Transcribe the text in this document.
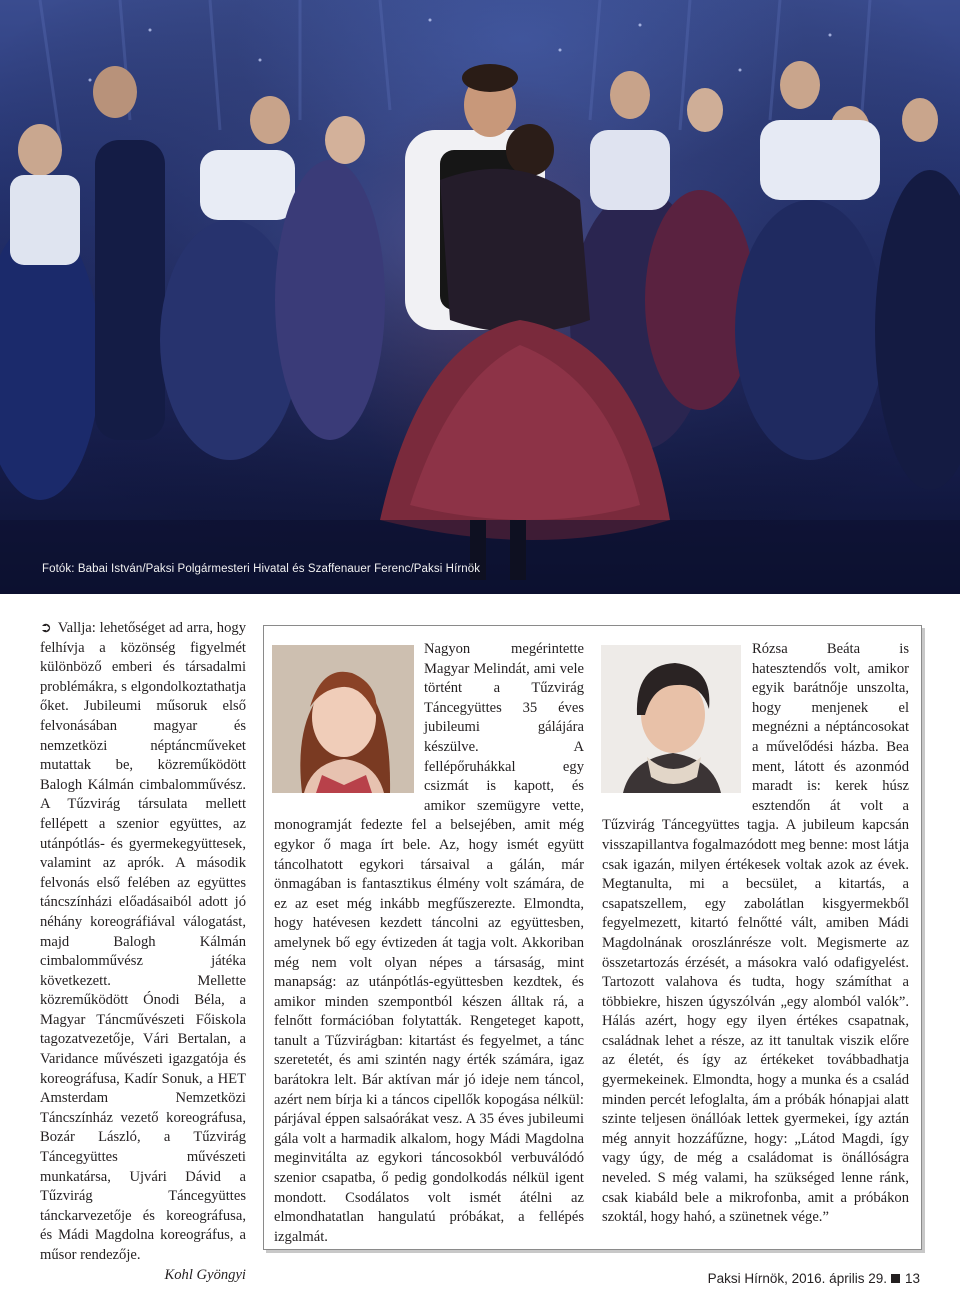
Fotók: Babai István/Paksi Polgármesteri Hivatal és Szaffenauer Ferenc/Paksi Hírnök
➲ Vallja: lehetőséget ad arra, hogy felhívja a közönség figyelmét különböző emberi és társadalmi problémákra, s elgondolkoztathatja őket. Jubileumi műsoruk első felvonásában magyar és nemzetközi néptáncműveket mutattak be, közreműködött Balogh Kálmán cimbalomművész. A Tűzvirág társulata mellett fellépett a szenior együttes, az utánpótlás- és gyermekegyüttesek, valamint az aprók. A második felvonás első felében az együttes táncszínházi előadásaiból adott jó néhány koreográfiával válogatást, majd Balogh Kálmán cimbalomművész játéka következett. Mellette közreműködött Ónodi Béla, a Magyar Táncművészeti Főiskola tagozatvezetője, Vári Bertalan, a Varidance művészeti igazgatója és koreográfusa, Kadír Sonuk, a HET Amsterdam Nemzetközi Táncszínház vezető koreográfusa, Bozár László, a Tűzvirág Táncegyüttes művészeti munkatársa, Ujvári Dávid a Tűzvirág Táncegyüttes tánckarvezetője és koreográfusa, és Mádi Magdolna koreográfus, a műsor rendezője.
Kohl Gyöngyi

Nagyon megérintette Magyar Melindát, ami vele történt a Tűzvirág Táncegyüttes 35 éves jubileumi gálájára készülve. A fellépőruhákkal egy csizmát is kapott, és amikor szemügyre vette, monogramját fedezte fel a belsejében, amit még egykor ő maga írt bele. Az, hogy ismét együtt táncolhatott egykori társaival a gálán, már önmagában is fantasztikus élmény volt számára, de ez az eset még inkább megfűszerezte. Elmondta, hogy hatévesen kezdett táncolni az együttesben, amelynek bő egy évtizeden át tagja volt. Akkoriban még nem volt olyan népes a társaság, mint manapság: az utánpótlás-együttesben kezdtek, és amikor minden szempontból készen álltak rá, a felnőtt formációban folytatták. Rengeteget kapott, tanult a Tűzvirágban: kitartást és fegyelmet, a tánc szeretetét, és ami szintén nagy érték számára, igaz barátokra lelt. Bár aktívan már jó ideje nem táncol, azért nem bírja ki a táncos cipellők kopogása nélkül: párjával éppen salsaórákat vesz. A 35 éves jubileumi gála volt a harmadik alkalom, hogy Mádi Magdolna meginvitálta az egykori táncosokból verbuválódó szenior csapatba, ő pedig gondolkodás nélkül igent mondott. Csodálatos volt ismét átélni az elmondhatatlan hangulatú próbákat, a fellépés izgalmát.

Rózsa Beáta is hatesztendős volt, amikor egyik barátnője unszolta, hogy menjenek el megnézni a néptáncosokat a művelődési házba. Bea ment, látott és azonmód maradt is: kerek húsz esztendőn át volt a Tűzvirág Táncegyüttes tagja. A jubileum kapcsán visszapillantva fogalmazódott meg benne: most látja csak igazán, milyen értékesek voltak azok az évek. Megtanulta, mi a becsület, a kitartás, a csapatszellem, egy zabolátlan kisgyermekből fegyelmezett, kitartó felnőtté vált, amiben Mádi Magdolnának oroszlánrésze volt. Megismerte az összetartozás érzését, a másokra való odafigyelést. Tartozott valahova és tudta, hogy számíthat a többiekre, hiszen úgyszólván „egy alomból valók”. Hálás azért, hogy egy ilyen értékes csapatnak, családnak lehet a része, az itt tanultak viszik előre az életét, és így az értékeket továbbadhatja gyermekeinek. Elmondta, hogy a munka és a család minden percét lefoglalta, ám a próbák hónapjai alatt szinte teljesen önállóak lettek gyermekei, így aztán még annyit hozzáfűzne, hogy: „Látod Magdi, így vagy úgy, de még a családomat is önállóságra neveled. S még valami, ha szükséged lenne ránk, csak kiabáld bele a mikrofonba, amit a próbákon szoktál, hogy hahó, a szünetnek vége.”

Paksi Hírnök, 2016. április 29. 13
